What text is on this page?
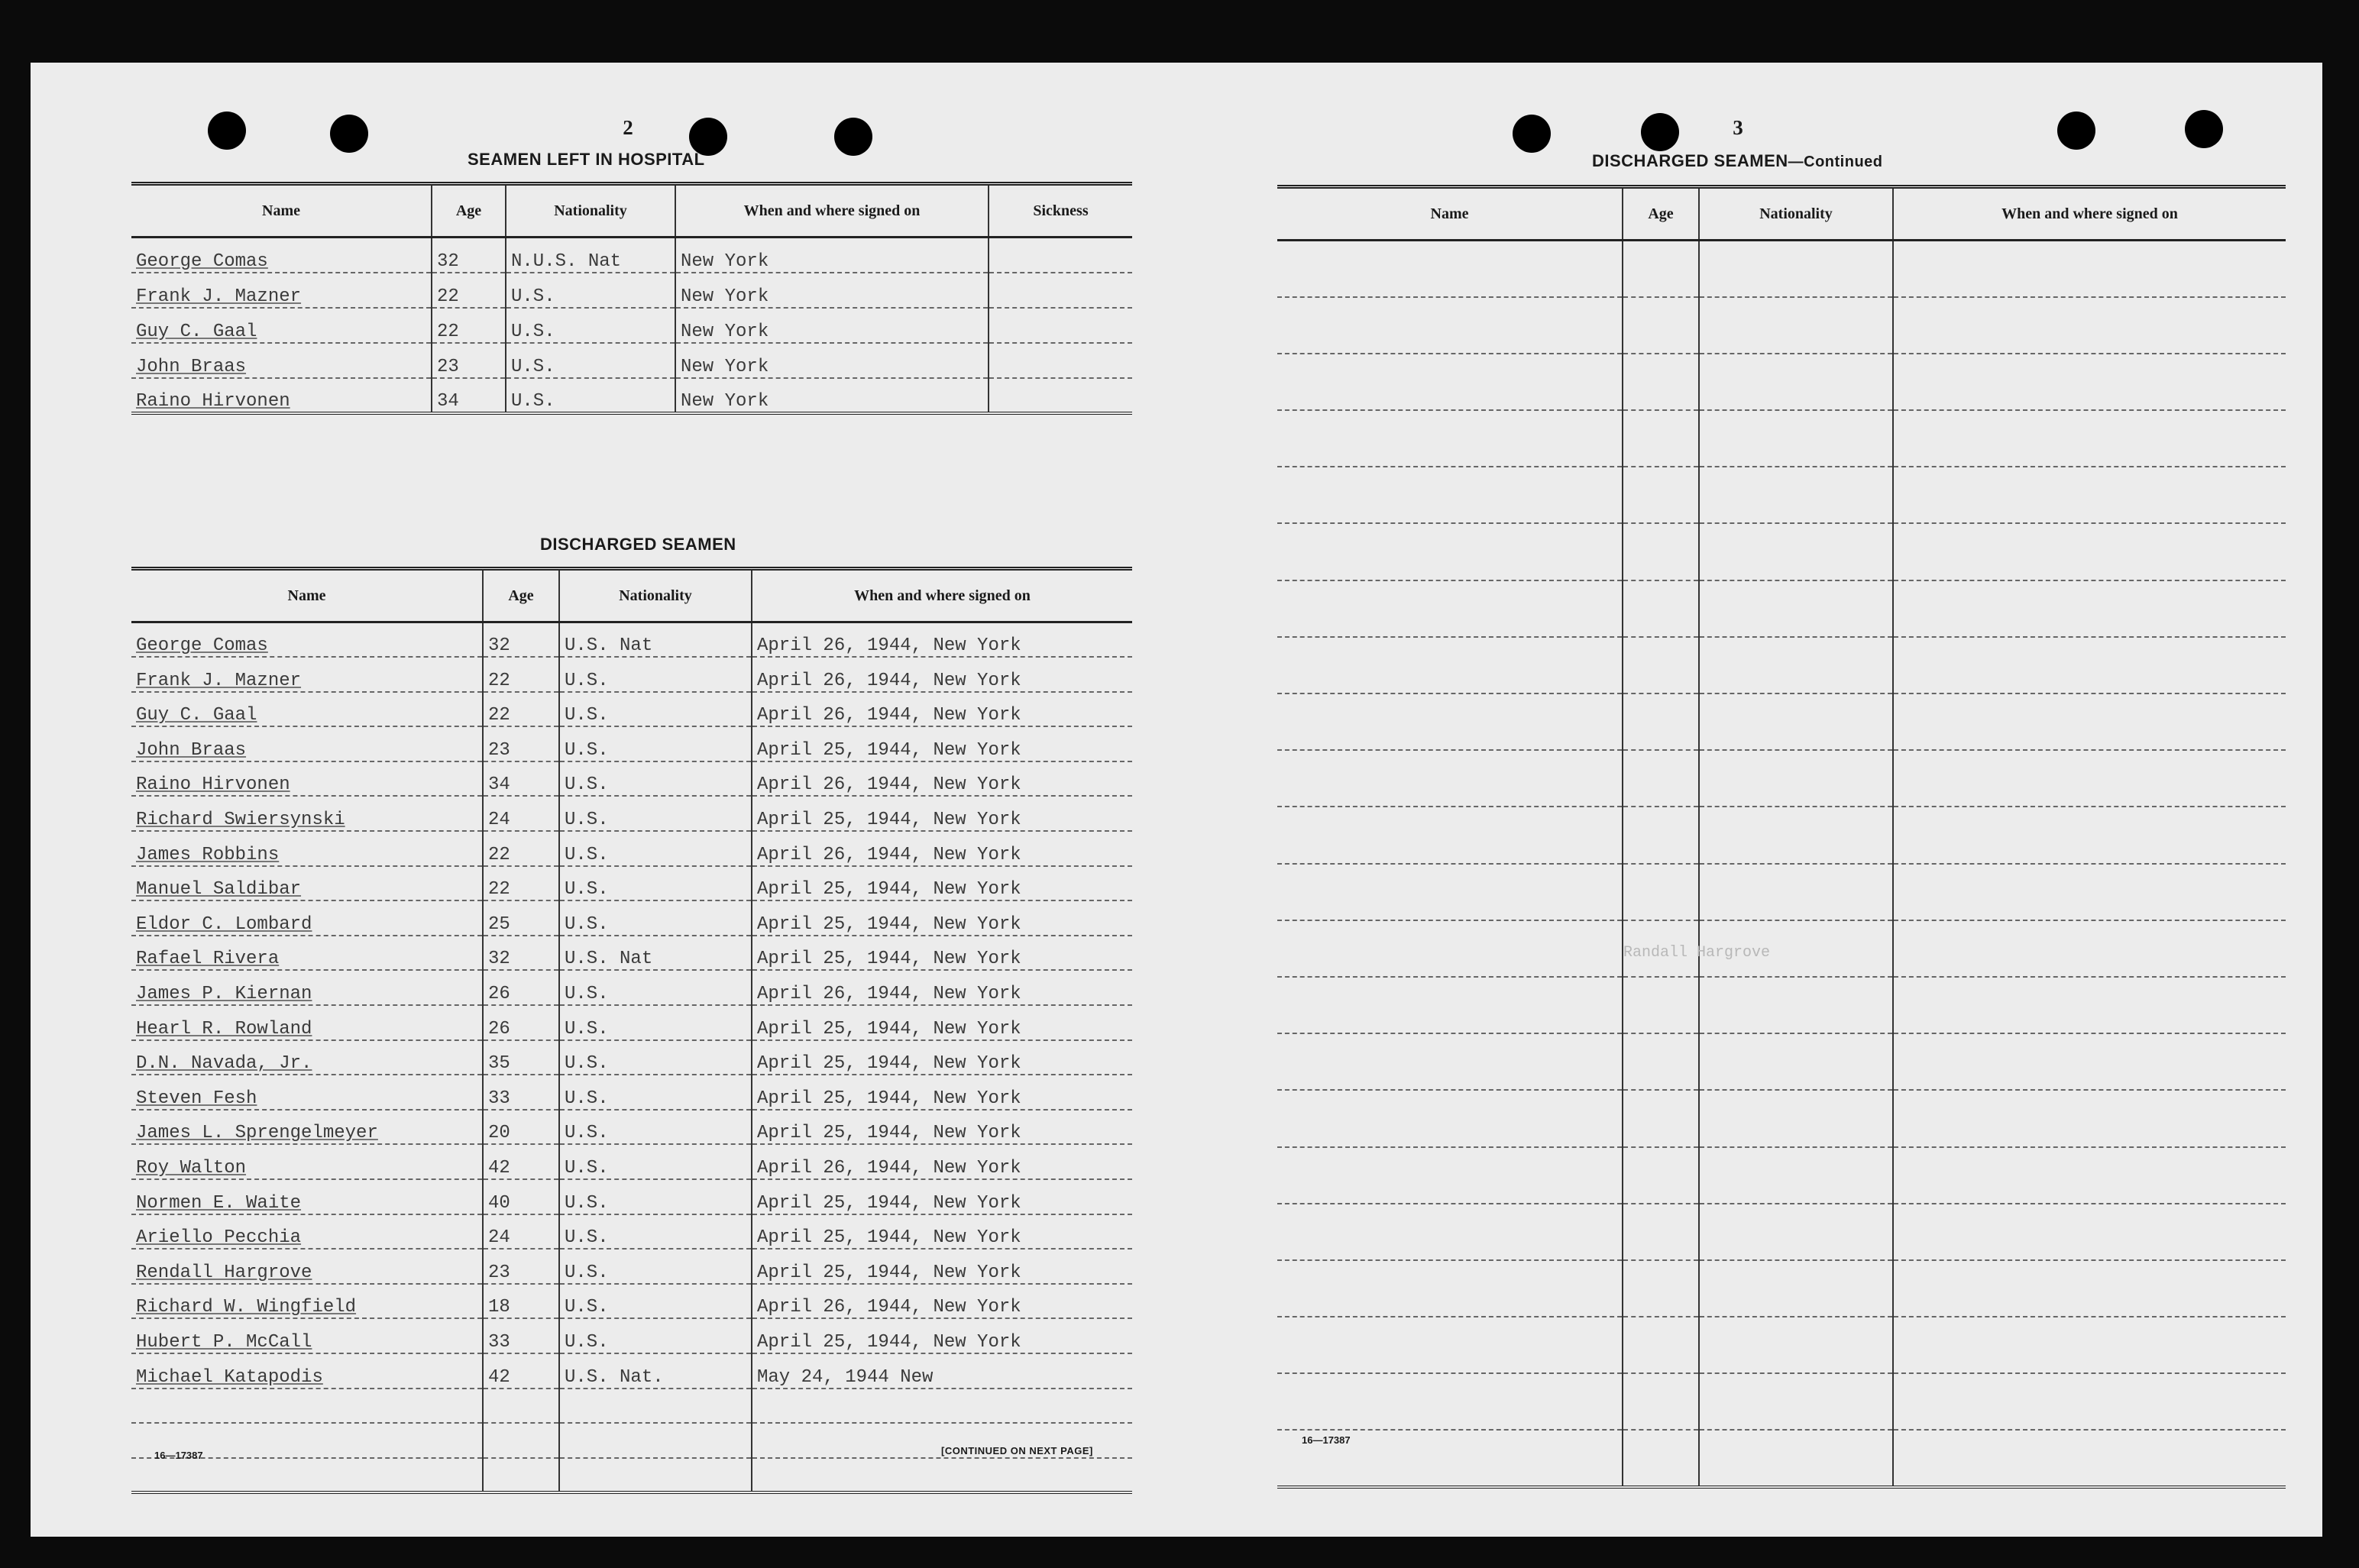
2
SEAMEN LEFT IN HOSPITAL
Name	Age	Nationality	When and where signed on	Sickness
George Comas	32	N.U.S. Nat	New York	
Frank J. Mazner	22	U.S.	New York	
Guy C. Gaal	22	U.S.	New York	
John Braas	23	U.S.	New York	
Raino Hirvonen	34	U.S.	New York	
DISCHARGED SEAMEN
Name	Age	Nationality	When and where signed on
George Comas	32	U.S. Nat	April 26, 1944, New York
Frank J. Mazner	22	U.S.	April 26, 1944, New York
Guy C. Gaal	22	U.S.	April 26, 1944, New York
John Braas	23	U.S.	April 25, 1944, New York
Raino Hirvonen	34	U.S.	April 26, 1944, New York
Richard Swiersynski	24	U.S.	April 25, 1944, New York
James Robbins	22	U.S.	April 26, 1944, New York
Manuel Saldibar	22	U.S.	April 25, 1944, New York
Eldor C. Lombard	25	U.S.	April 25, 1944, New York
Rafael Rivera	32	U.S. Nat	April 25, 1944, New York
James P. Kiernan	26	U.S.	April 26, 1944, New York
Hearl R. Rowland	26	U.S.	April 25, 1944, New York
D.N. Navada, Jr.	35	U.S.	April 25, 1944, New York
Steven Fesh	33	U.S.	April 25, 1944, New York
James L. Sprengelmeyer	20	U.S.	April 25, 1944, New York
Roy Walton	42	U.S.	April 26, 1944, New York
Normen E. Waite	40	U.S.	April 25, 1944, New York
Ariello Pecchia	24	U.S.	April 25, 1944, New York
Rendall Hargrove	23	U.S.	April 25, 1944, New York
Richard W. Wingfield	18	U.S.	April 26, 1944, New York
Hubert P. McCall	33	U.S.	April 25, 1944, New York
Michael Katapodis	42	U.S. Nat.	May 24, 1944 New

16—17387	[CONTINUED ON NEXT PAGE]
3
DISCHARGED SEAMEN—Continued
Name	Age	Nationality	When and where signed on

Randall Hargrove
16—17387
